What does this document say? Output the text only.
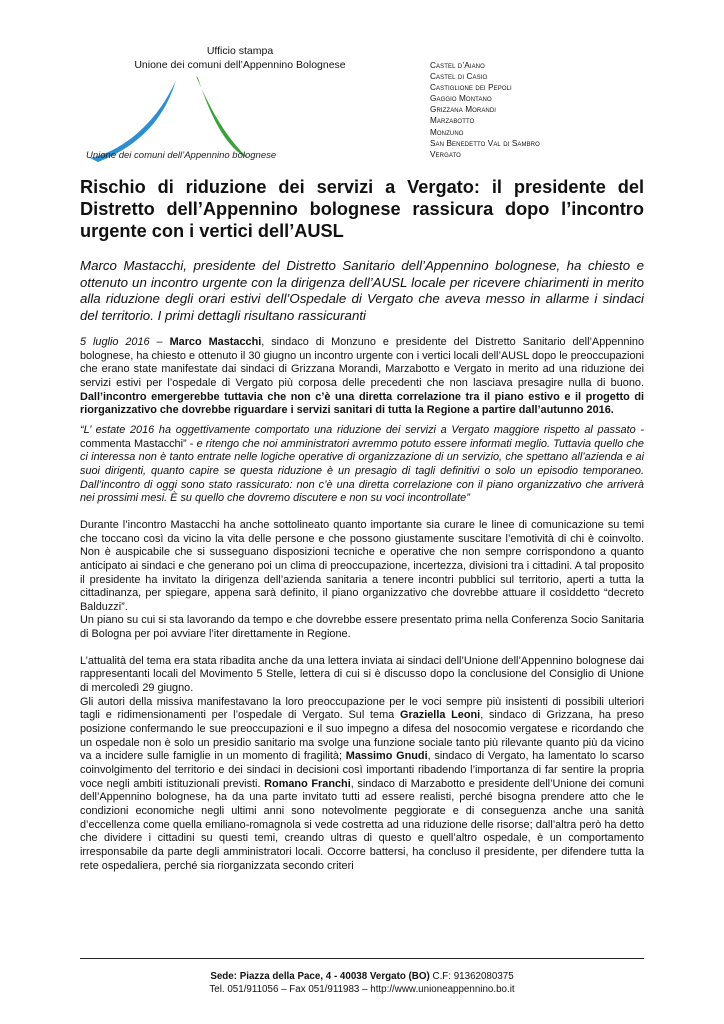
Ufficio stampa
Unione dei comuni dell’Appennino Bolognese
Unione dei comuni dell’Appennino bolognese
Castel d’Aiano
Castel di Casio
Castiglione dei Pepoli
Gaggio Montano
Grizzana Morandi
Marzabotto
Monzuno
San Benedetto Val di Sambro
Vergato
Rischio di riduzione dei servizi a Vergato: il presidente del Distretto dell’Appennino bolognese rassicura dopo l’incontro urgente con i vertici dell’AUSL

Marco Mastacchi, presidente del Distretto Sanitario dell’Appennino bolognese, ha chiesto e ottenuto un incontro urgente con la dirigenza dell’AUSL locale per ricevere chiarimenti in merito alla riduzione degli orari estivi dell’Ospedale di Vergato che aveva messo in allarme i sindaci del territorio. I primi dettagli risultano rassicuranti

5 luglio 2016 – Marco Mastacchi, sindaco di Monzuno e presidente del Distretto Sanitario dell’Appennino bolognese, ha chiesto e ottenuto il 30 giugno un incontro urgente con i vertici locali dell’AUSL dopo le preoccupazioni che erano state manifestate dai sindaci di Grizzana Morandi, Marzabotto e Vergato in merito ad una riduzione dei servizi estivi per l’ospedale di Vergato più corposa delle precedenti che non lasciava presagire nulla di buono. Dall’incontro emergerebbe tuttavia che non c’è una diretta correlazione tra il piano estivo e il progetto di riorganizzativo che dovrebbe riguardare i servizi sanitari di tutta la Regione a partire dall’autunno 2016.

“L’ estate 2016 ha oggettivamente comportato una riduzione dei servizi a Vergato maggiore rispetto al passato - commenta Mastacchi” - e ritengo che noi amministratori avremmo potuto essere informati meglio. Tuttavia quello che ci interessa non è tanto entrate nelle logiche operative di organizzazione di un servizio, che spettano all’azienda e ai suoi dirigenti, quanto capire se questa riduzione è un presagio di tagli definitivi o solo un episodio temporaneo. Dall’incontro di oggi sono stato rassicurato: non c’è una diretta correlazione con il piano organizzativo che arriverà nei prossimi mesi. È su quello che dovremo discutere e non su voci incontrollate”

Durante l’incontro Mastacchi ha anche sottolineato quanto importante sia curare le linee di comunicazione su temi che toccano così da vicino la vita delle persone e che possono giustamente suscitare l’emotività di chi è coinvolto. Non è auspicabile che si susseguano disposizioni tecniche e operative che non sempre corrispondono a quanto anticipato ai sindaci e che generano poi un clima di preoccupazione, incertezza, divisioni tra i cittadini. A tal proposito il presidente ha invitato la dirigenza dell’azienda sanitaria a tenere incontri pubblici sul territorio, aperti a tutta la cittadinanza, per spiegare, appena sarà definito, il piano organizzativo che dovrebbe attuare il cosìddetto “decreto Balduzzi”.

Un piano su cui si sta lavorando da tempo e che dovrebbe essere presentato prima nella Conferenza Socio Sanitaria di Bologna per poi avviare l’iter direttamente in Regione.

L’attualità del tema era stata ribadita anche da una lettera inviata ai sindaci dell’Unione dell’Appennino bolognese dai rappresentanti locali del Movimento 5 Stelle, lettera di cui si è discusso dopo la conclusione del Consiglio di Unione di mercoledì 29 giugno.

Gli autori della missiva manifestavano la loro preoccupazione per le voci sempre più insistenti di possibili ulteriori tagli e ridimensionamenti per l’ospedale di Vergato. Sul tema Graziella Leoni, sindaco di Grizzana, ha preso posizione confermando le sue preoccupazioni e il suo impegno a difesa del nosocomio vergatese e ricordando che un ospedale non è solo un presidio sanitario ma svolge una funzione sociale tanto più rilevante quanto più da vicino va a incidere sulle famiglie in un momento di fragilità; Massimo Gnudi, sindaco di Vergato, ha lamentato lo scarso coinvolgimento del territorio e dei sindaci in decisioni così importanti ribadendo l’importanza di far sentire la propria voce negli ambiti istituzionali previsti. Romano Franchi, sindaco di Marzabotto e presidente dell’Unione dei comuni dell’Appennino bolognese, ha da una parte invitato tutti ad essere realisti, perché bisogna prendere atto che le condizioni economiche negli ultimi anni sono notevolmente peggiorate e di conseguenza anche una sanità d’eccellenza come quella emiliano-romagnola si vede costretta ad una riduzione delle risorse; dall’altra però ha detto che dividere i cittadini su questi temi, creando ultras di questo e quell’altro ospedale, è un comportamento irresponsabile da parte degli amministratori locali. Occorre battersi, ha concluso il presidente, per difendere tutta la rete ospedaliera, perché sia riorganizzata secondo criteri

Sede: Piazza della Pace, 4 - 40038 Vergato (BO) C.F: 91362080375
Tel. 051/911056 – Fax 051/911983 – http://www.unioneappennino.bo.it
